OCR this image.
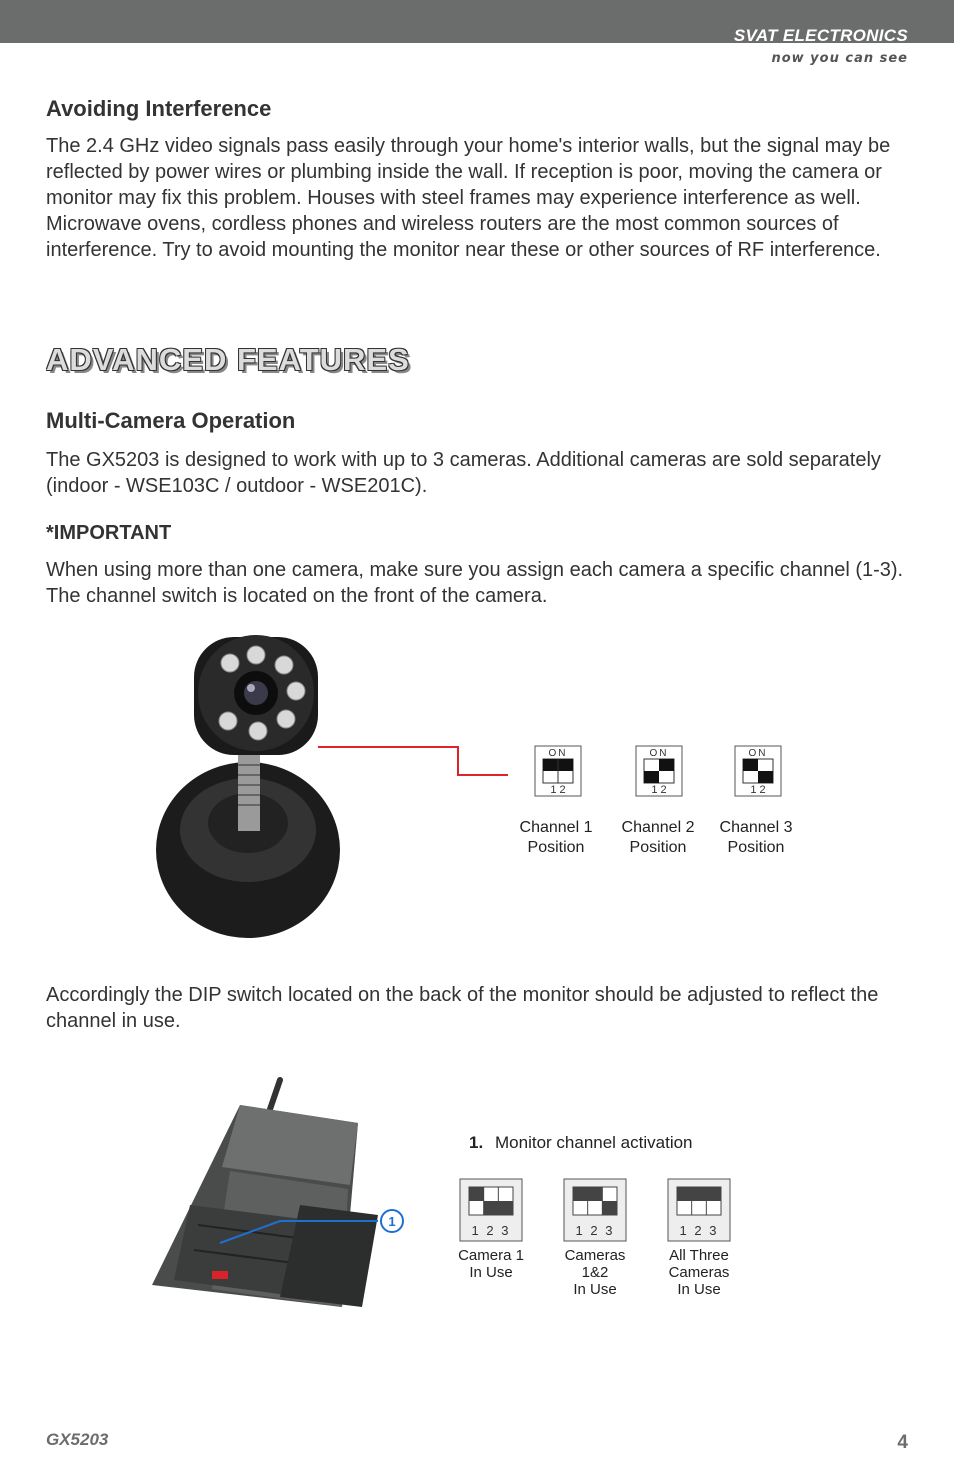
SVAT ELECTRONICS
now you can see
Avoiding Interference

The 2.4 GHz video signals pass easily through your home's interior walls, but the signal may be reflected by power wires or plumbing inside the wall. If reception is poor, moving the camera or monitor may fix this problem. Houses with steel frames may experience interference as well. Microwave ovens, cordless phones and wireless routers are the most common sources of interference. Try to avoid mounting the monitor near these or other sources of RF interference.

ADVANCED FEATURES
Multi-Camera Operation

The GX5203 is designed to work with up to 3 cameras. Additional cameras are sold separately (indoor - WSE103C / outdoor - WSE201C).

*IMPORTANT

When using more than one camera, make sure you assign each camera a specific channel (1-3). The channel switch is located on the front of the camera.

ON
1 2
ON
1 2
ON
1 2
Channel 1
Position
Channel 2
Position
Channel 3
Position

Accordingly the DIP switch located on the back of the monitor should be adjusted to reflect the channel in use.

1
1. Monitor channel activation
1 2 3	1 2 3	1 2 3
Camera 1
In Use
Cameras
1&2
In Use
All Three
Cameras
In Use
GX5203	4
